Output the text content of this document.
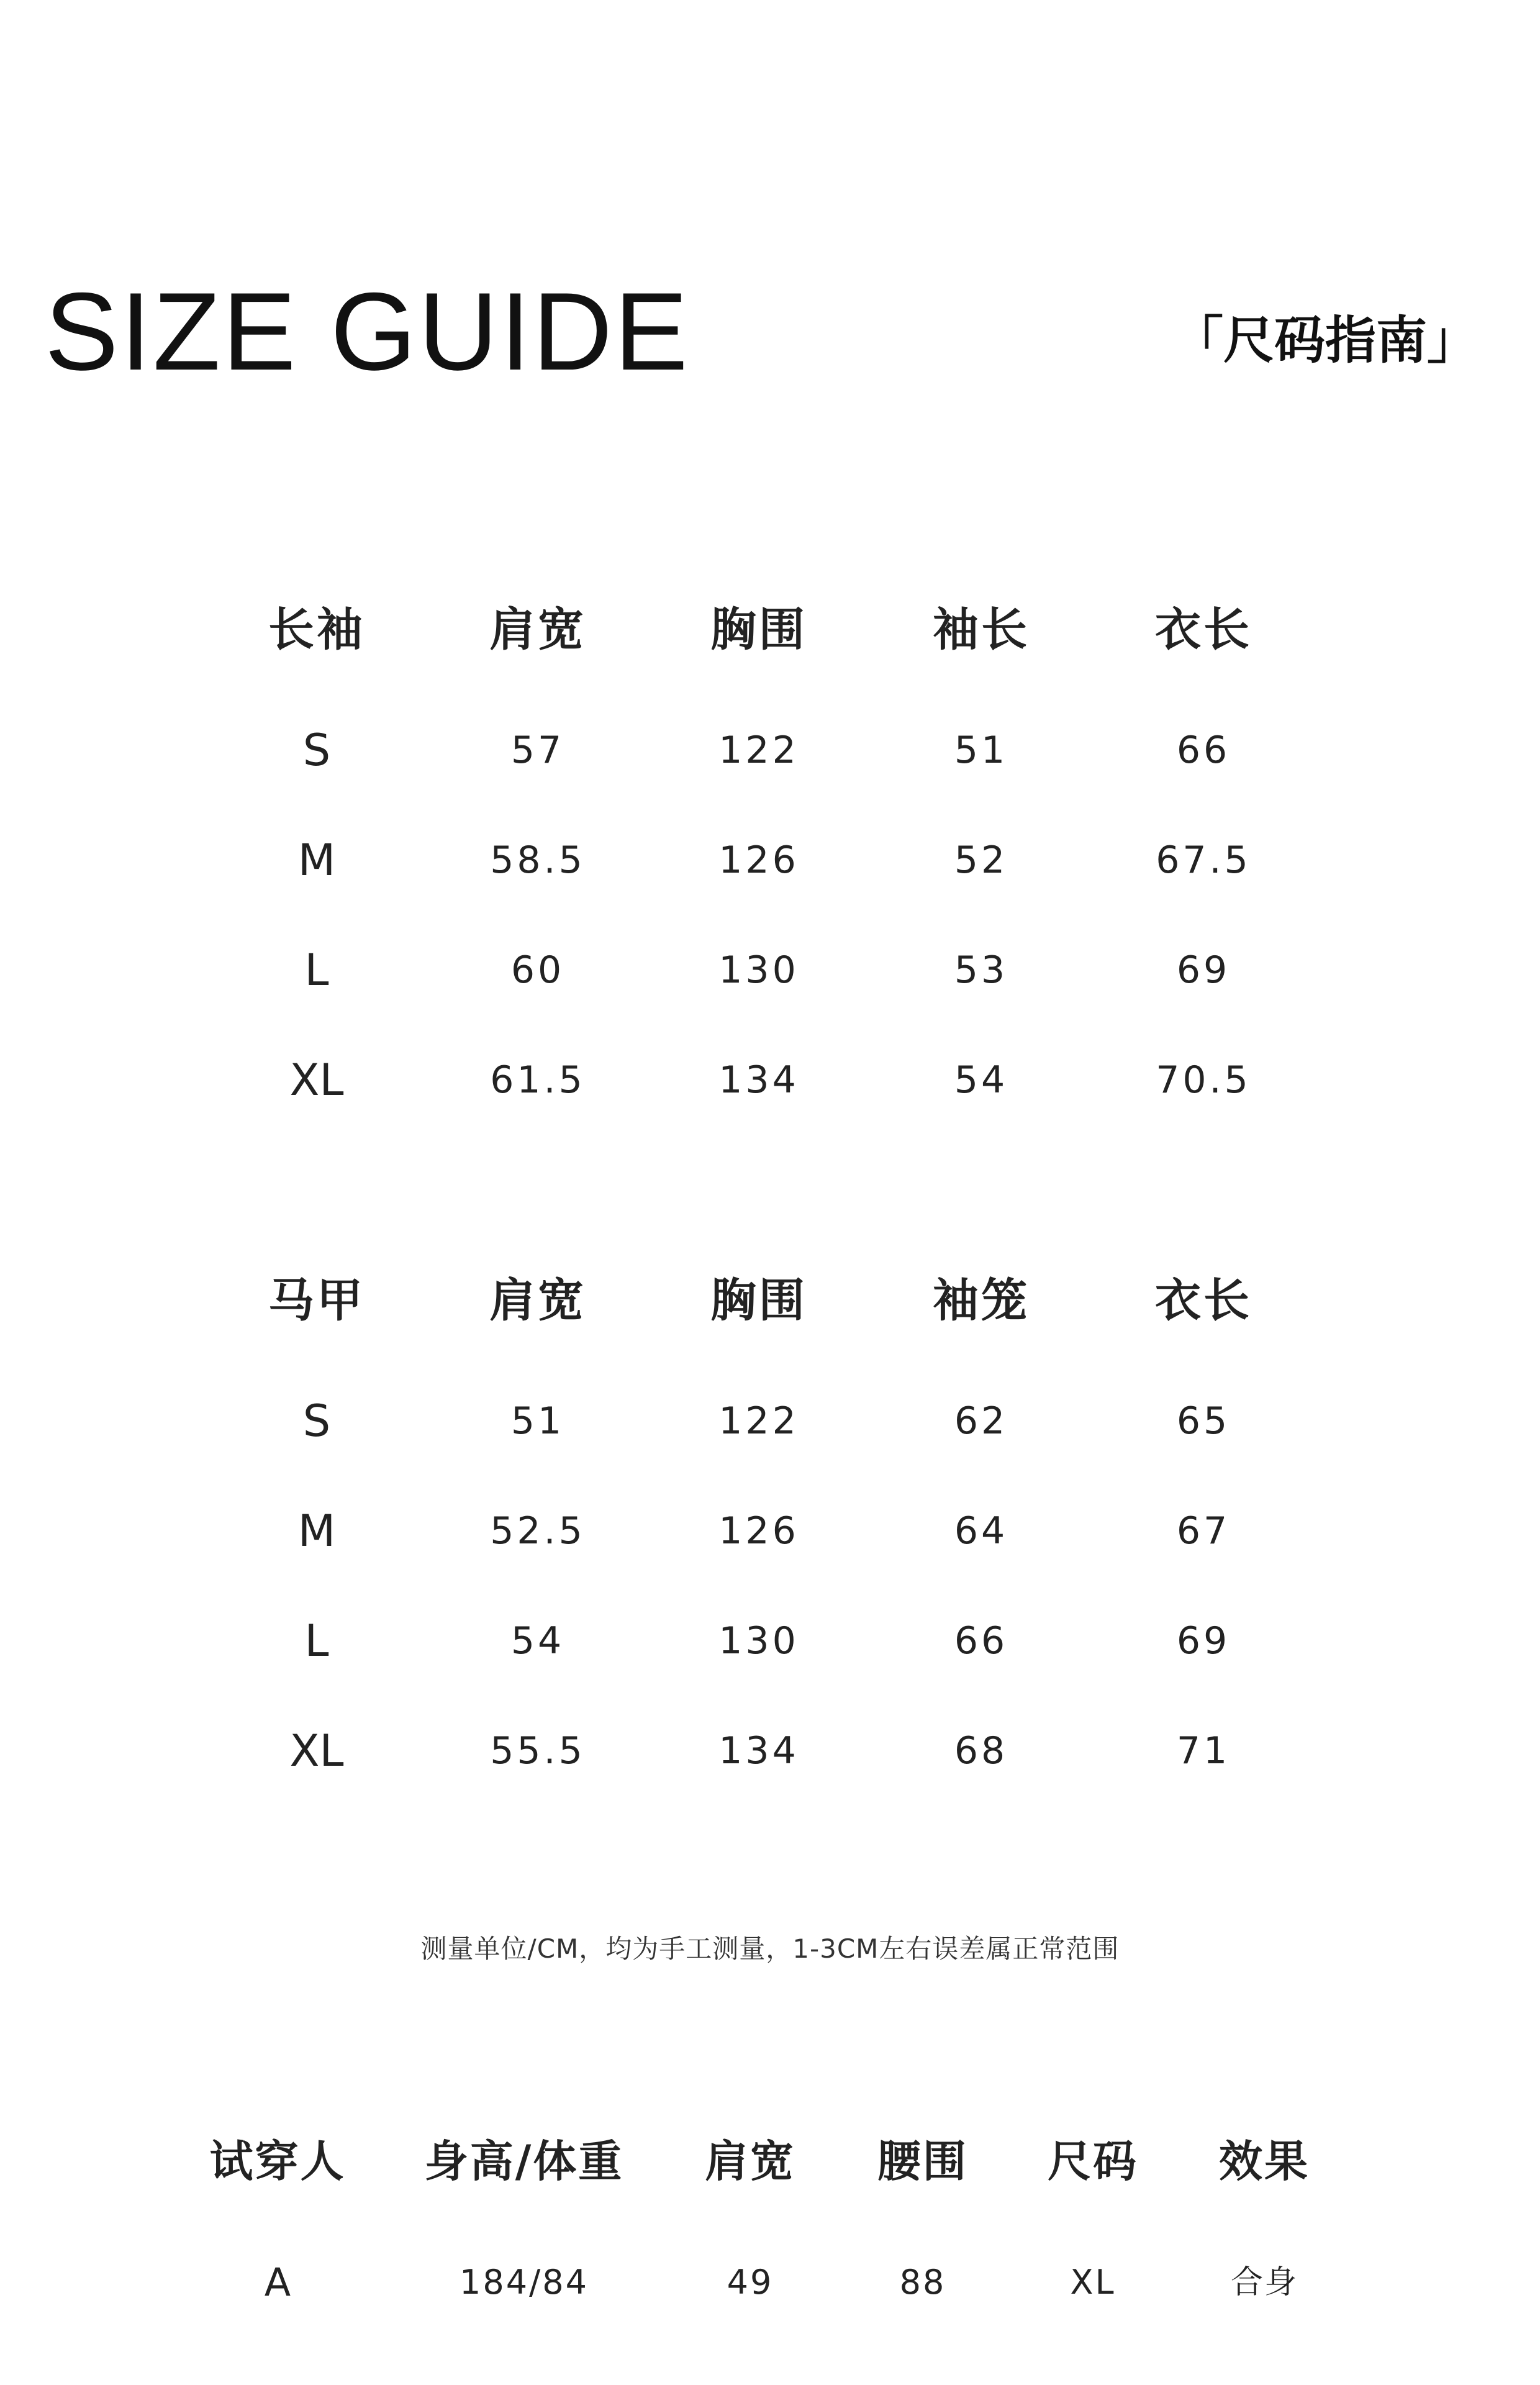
SIZE GUIDE	「尺码指南」
长袖	肩宽	胸围	袖长	衣长
S	57	122	51	66
M	58.5	126	52	67.5
L	60	130	53	69
XL	61.5	134	54	70.5
马甲	肩宽	胸围	袖笼	衣长
S	51	122	62	65
M	52.5	126	64	67
L	54	130	66	69
XL	55.5	134	68	71
测量单位/CM，均为手工测量，1-3CM左右误差属正常范围
试穿人	身高/体重	肩宽	腰围	尺码	效果
A	184/84	49	88	XL	合身
